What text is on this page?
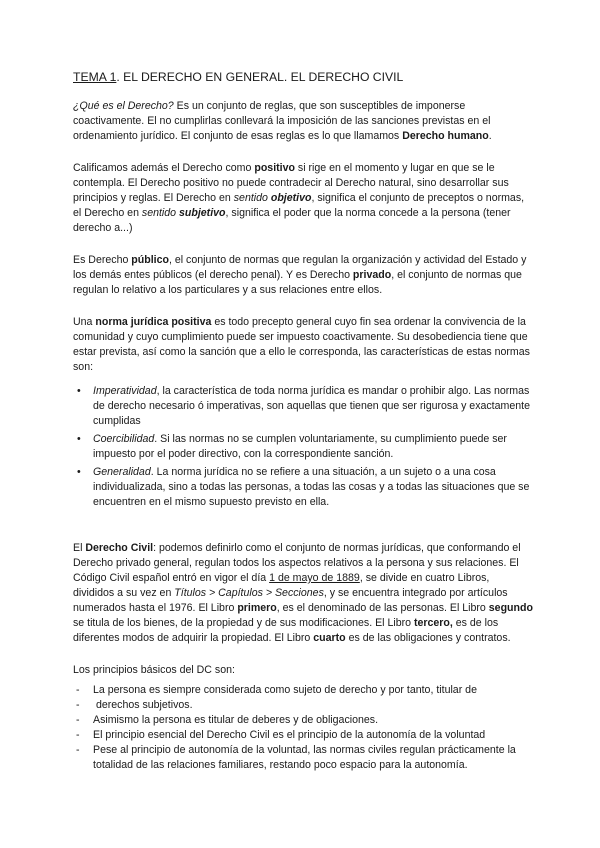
TEMA 1. EL DERECHO EN GENERAL. EL DERECHO CIVIL

¿Qué es el Derecho? Es un conjunto de reglas, que son susceptibles de imponerse coactivamente. El no cumplirlas conllevará la imposición de las sanciones previstas en el ordenamiento jurídico. El conjunto de esas reglas es lo que llamamos Derecho humano.

Calificamos además el Derecho como positivo si rige en el momento y lugar en que se le contempla. El Derecho positivo no puede contradecir al Derecho natural, sino desarrollar sus principios y reglas. El Derecho en sentido objetivo, significa el conjunto de preceptos o normas, el Derecho en sentido subjetivo, significa el poder que la norma concede a la persona (tener derecho a...)

Es Derecho público, el conjunto de normas que regulan la organización y actividad del Estado y los demás entes públicos (el derecho penal). Y es Derecho privado, el conjunto de normas que regulan lo relativo a los particulares y a sus relaciones entre ellos.

Una norma jurídica positiva es todo precepto general cuyo fin sea ordenar la convivencia de la comunidad y cuyo cumplimiento puede ser impuesto coactivamente. Su desobediencia tiene que estar prevista, así como la sanción que a ello le corresponda, las características de estas normas son:

• Imperatividad, la característica de toda norma jurídica es mandar o prohibir algo. Las normas de derecho necesario ó imperativas, son aquellas que tienen que ser rigurosa y exactamente cumplidas
• Coercibilidad. Si las normas no se cumplen voluntariamente, su cumplimiento puede ser impuesto por el poder directivo, con la correspondiente sanción.
• Generalidad. La norma jurídica no se refiere a una situación, a un sujeto o a una cosa individualizada, sino a todas las personas, a todas las cosas y a todas las situaciones que se encuentren en el mismo supuesto previsto en ella.

El Derecho Civil: podemos definirlo como el conjunto de normas jurídicas, que conformando el Derecho privado general, regulan todos los aspectos relativos a la persona y sus relaciones. El Código Civil español entró en vigor el día 1 de mayo de 1889, se divide en cuatro Libros, divididos a su vez en Títulos > Capítulos > Secciones, y se encuentra integrado por artículos numerados hasta el 1976. El Libro primero, es el denominado de las personas. El Libro segundo se titula de los bienes, de la propiedad y de sus modificaciones. El Libro tercero, es de los diferentes modos de adquirir la propiedad. El Libro cuarto es de las obligaciones y contratos.

Los principios básicos del DC son:

- La persona es siempre considerada como sujeto de derecho y por tanto, titular de
- derechos subjetivos.
- Asimismo la persona es titular de deberes y de obligaciones.
- El principio esencial del Derecho Civil es el principio de la autonomía de la voluntad
- Pese al principio de autonomía de la voluntad, las normas civiles regulan prácticamente la totalidad de las relaciones familiares, restando poco espacio para la autonomía.
